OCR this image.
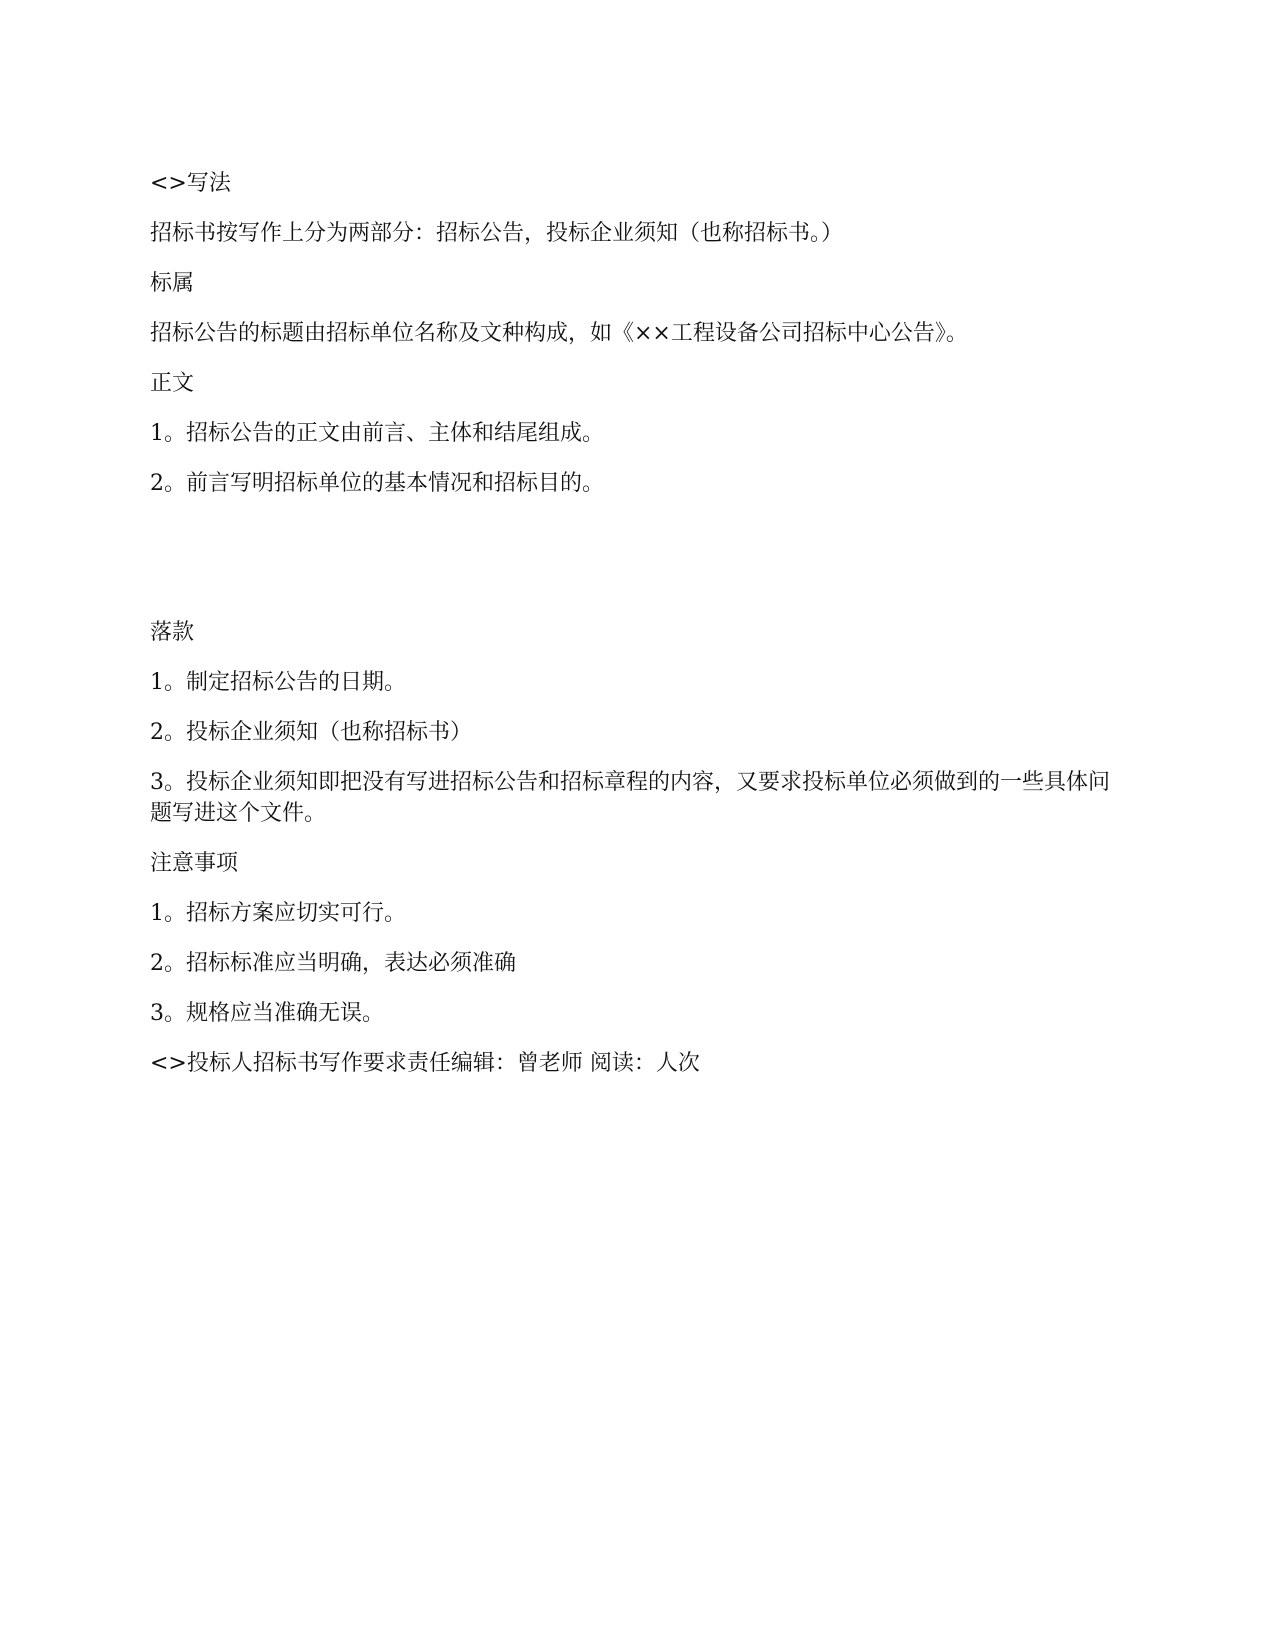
<>写法

招标书按写作上分为两部分：招标公告，投标企业须知（也称招标书。）

标属

招标公告的标题由招标单位名称及文种构成，如《××工程设备公司招标中心公告》。

正文

1。招标公告的正文由前言、主体和结尾组成。

2。前言写明招标单位的基本情况和招标目的。

落款

1。制定招标公告的日期。

2。投标企业须知（也称招标书）

3。投标企业须知即把没有写进招标公告和招标章程的内容，又要求投标单位必须做到的一些具体问题写进这个文件。

注意事项

1。招标方案应切实可行。

2。招标标准应当明确，表达必须准确

3。规格应当准确无误。

<>投标人招标书写作要求责任编辑：曾老师 阅读：人次
